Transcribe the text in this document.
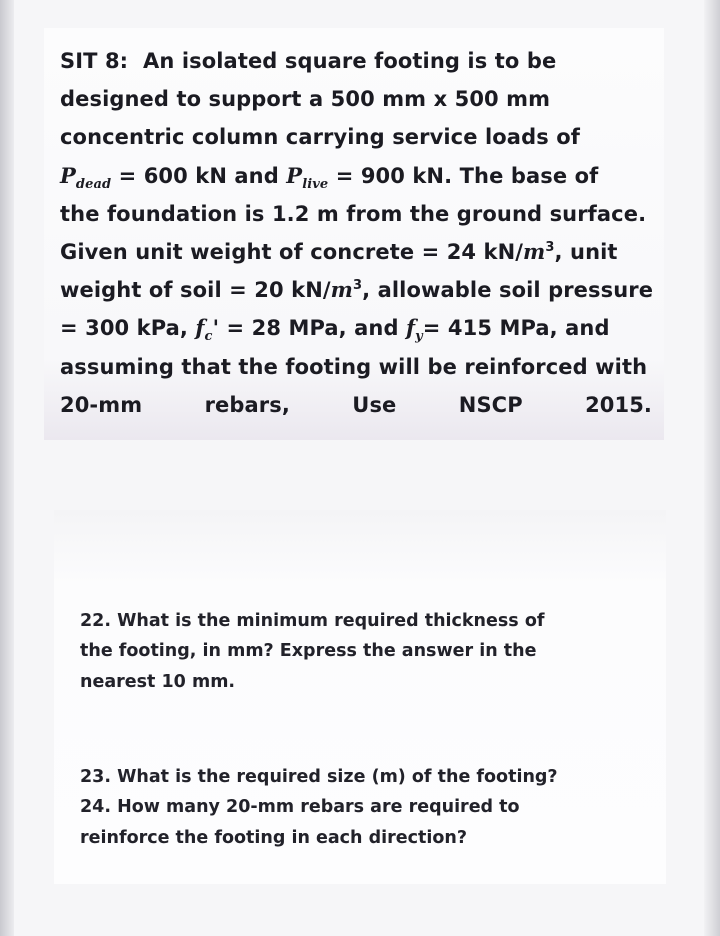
SIT 8: An isolated square footing is to be
designed to support a 500 mm x 500 mm
concentric column carrying service loads of
$P_{dead} = 600$ kN and $P_{live} = 900$ kN. The base of
the foundation is 1.2 m from the ground surface.
Given unit weight of concrete = 24 $kN/m^3$, unit
weight of soil = 20 $kN/m^3$, allowable soil pressure
= 300 kPa, $f_c' = 28$ MPa, and $f_y= 415$ MPa, and
assuming that the footing will be reinforced with
20-mm	rebars,	Use	NSCP	2015.
22. What is the minimum required thickness of
the footing, in mm? Express the answer in the
nearest 10 mm.
23. What is the required size (m) of the footing?
24. How many 20-mm rebars are required to
reinforce the footing in each direction?
